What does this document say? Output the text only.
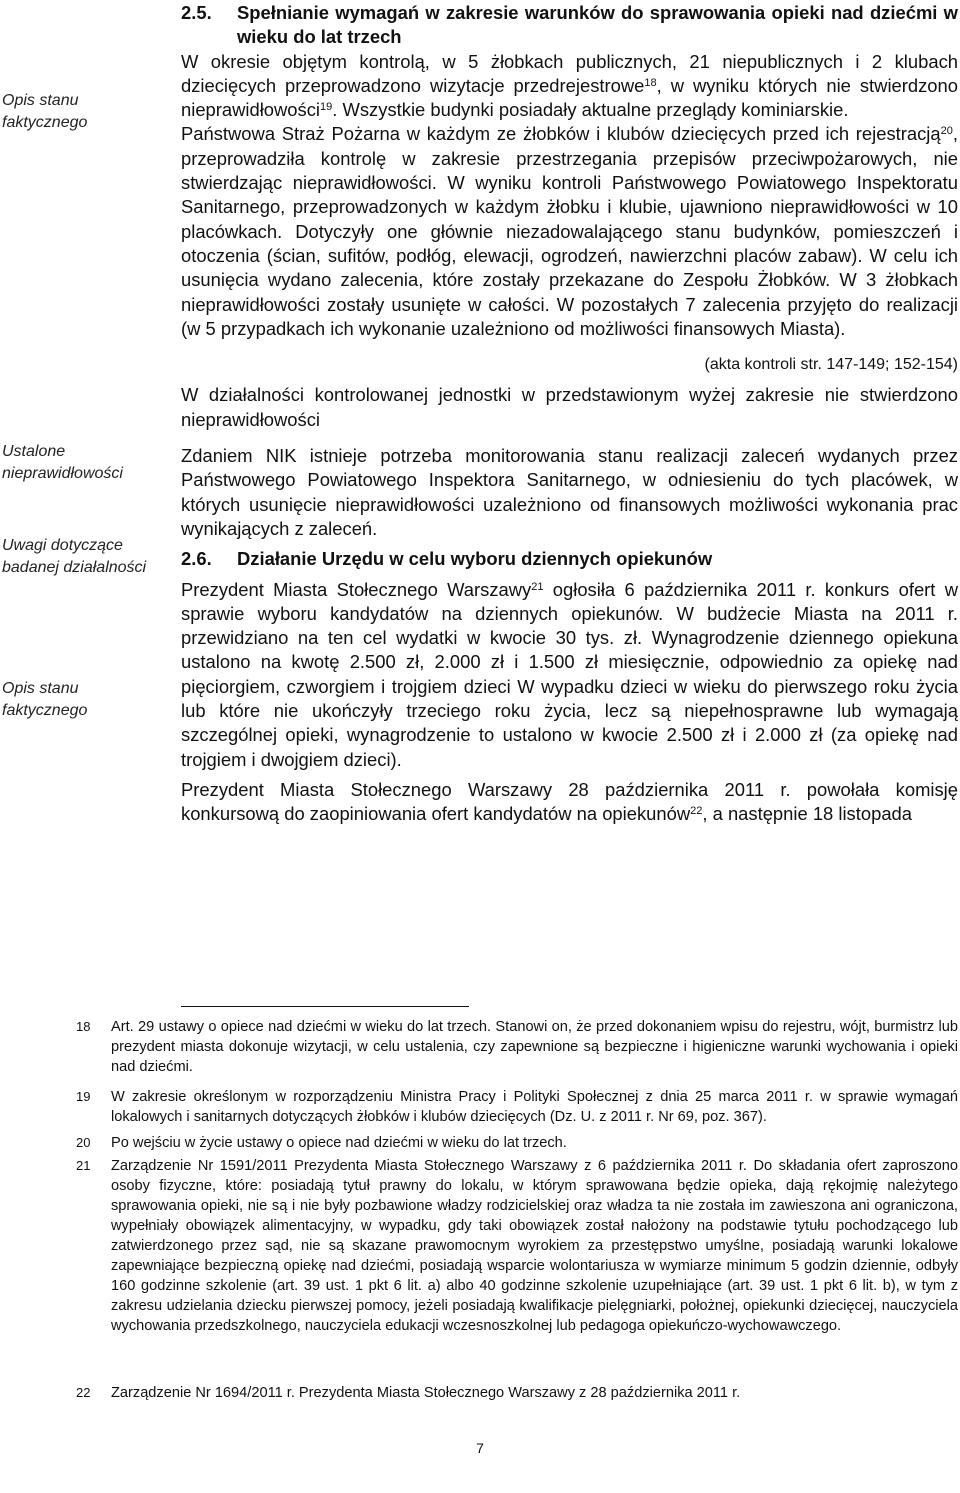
Opis stanu
faktycznego
Ustalone
nieprawidłowości
Uwagi dotyczące
badanej działalności
Opis stanu
faktycznego

2.5. Spełnianie wymagań w zakresie warunków do sprawowania opieki nad dziećmi w wieku do lat trzech

W okresie objętym kontrolą, w 5 żłobkach publicznych, 21 niepublicznych i 2 klubach dziecięcych przeprowadzono wizytacje przedrejestrowe$^{18}$, w wyniku których nie stwierdzono nieprawidłowości$^{19}$. Wszystkie budynki posiadały aktualne przeglądy kominiarskie.

Państwowa Straż Pożarna w każdym ze żłobków i klubów dziecięcych przed ich rejestracją$^{20}$, przeprowadziła kontrolę w zakresie przestrzegania przepisów przeciwpożarowych, nie stwierdzając nieprawidłowości. W wyniku kontroli Państwowego Powiatowego Inspektoratu Sanitarnego, przeprowadzonych w każdym żłobku i klubie, ujawniono nieprawidłowości w 10 placówkach. Dotyczyły one głównie niezadowalającego stanu budynków, pomieszczeń i otoczenia (ścian, sufitów, podłóg, elewacji, ogrodzeń, nawierzchni placów zabaw). W celu ich usunięcia wydano zalecenia, które zostały przekazane do Zespołu Żłobków. W 3 żłobkach nieprawidłowości zostały usunięte w całości. W pozostałych 7 zalecenia przyjęto do realizacji (w 5 przypadkach ich wykonanie uzależniono od możliwości finansowych Miasta).

(akta kontroli str. 147-149; 152-154)

W działalności kontrolowanej jednostki w przedstawionym wyżej zakresie nie stwierdzono nieprawidłowości

Zdaniem NIK istnieje potrzeba monitorowania stanu realizacji zaleceń wydanych przez Państwowego Powiatowego Inspektora Sanitarnego, w odniesieniu do tych placówek, w których usunięcie nieprawidłowości uzależniono od finansowych możliwości wykonania prac wynikających z zaleceń.

2.6. Działanie Urzędu w celu wyboru dziennych opiekunów

Prezydent Miasta Stołecznego Warszawy$^{21}$ ogłosiła 6 października 2011 r. konkurs ofert w sprawie wyboru kandydatów na dziennych opiekunów. W budżecie Miasta na 2011 r. przewidziano na ten cel wydatki w kwocie 30 tys. zł. Wynagrodzenie dziennego opiekuna ustalono na kwotę 2.500 zł, 2.000 zł i 1.500 zł miesięcznie, odpowiednio za opiekę nad pięciorgiem, czworgiem i trojgiem dzieci W wypadku dzieci w wieku do pierwszego roku życia lub które nie ukończyły trzeciego roku życia, lecz są niepełnosprawne lub wymagają szczególnej opieki, wynagrodzenie to ustalono w kwocie 2.500 zł i 2.000 zł (za opiekę nad trojgiem i dwojgiem dzieci).

Prezydent Miasta Stołecznego Warszawy 28 października 2011 r. powołała komisję konkursową do zaopiniowania ofert kandydatów na opiekunów$^{22}$, a następnie 18 listopada

18 Art. 29 ustawy o opiece nad dziećmi w wieku do lat trzech. Stanowi on, że przed dokonaniem wpisu do rejestru, wójt, burmistrz lub prezydent miasta dokonuje wizytacji, w celu ustalenia, czy zapewnione są bezpieczne i higieniczne warunki wychowania i opieki nad dziećmi.
19 W zakresie określonym w rozporządzeniu Ministra Pracy i Polityki Społecznej z dnia 25 marca 2011 r. w sprawie wymagań lokalowych i sanitarnych dotyczących żłobków i klubów dziecięcych (Dz. U. z 2011 r. Nr 69, poz. 367).
20 Po wejściu w życie ustawy o opiece nad dziećmi w wieku do lat trzech.
21 Zarządzenie Nr 1591/2011 Prezydenta Miasta Stołecznego Warszawy z 6 października 2011 r. Do składania ofert zaproszono osoby fizyczne, które: posiadają tytuł prawny do lokalu, w którym sprawowana będzie opieka, dają rękojmię należytego sprawowania opieki, nie są i nie były pozbawione władzy rodzicielskiej oraz władza ta nie została im zawieszona ani ograniczona, wypełniały obowiązek alimentacyjny, w wypadku, gdy taki obowiązek został nałożony na podstawie tytułu pochodzącego lub zatwierdzonego przez sąd, nie są skazane prawomocnym wyrokiem za przestępstwo umyślne, posiadają warunki lokalowe zapewniające bezpieczną opiekę nad dziećmi, posiadają wsparcie wolontariusza w wymiarze minimum 5 godzin dziennie, odbyły 160 godzinne szkolenie (art. 39 ust. 1 pkt 6 lit. a) albo 40 godzinne szkolenie uzupełniające (art. 39 ust. 1 pkt 6 lit. b), w tym z zakresu udzielania dziecku pierwszej pomocy, jeżeli posiadają kwalifikacje pielęgniarki, położnej, opiekunki dziecięcej, nauczyciela wychowania przedszkolnego, nauczyciela edukacji wczesnoszkolnej lub pedagoga opiekuńczo-wychowawczego.
22 Zarządzenie Nr 1694/2011 r. Prezydenta Miasta Stołecznego Warszawy z 28 października 2011 r.
7
